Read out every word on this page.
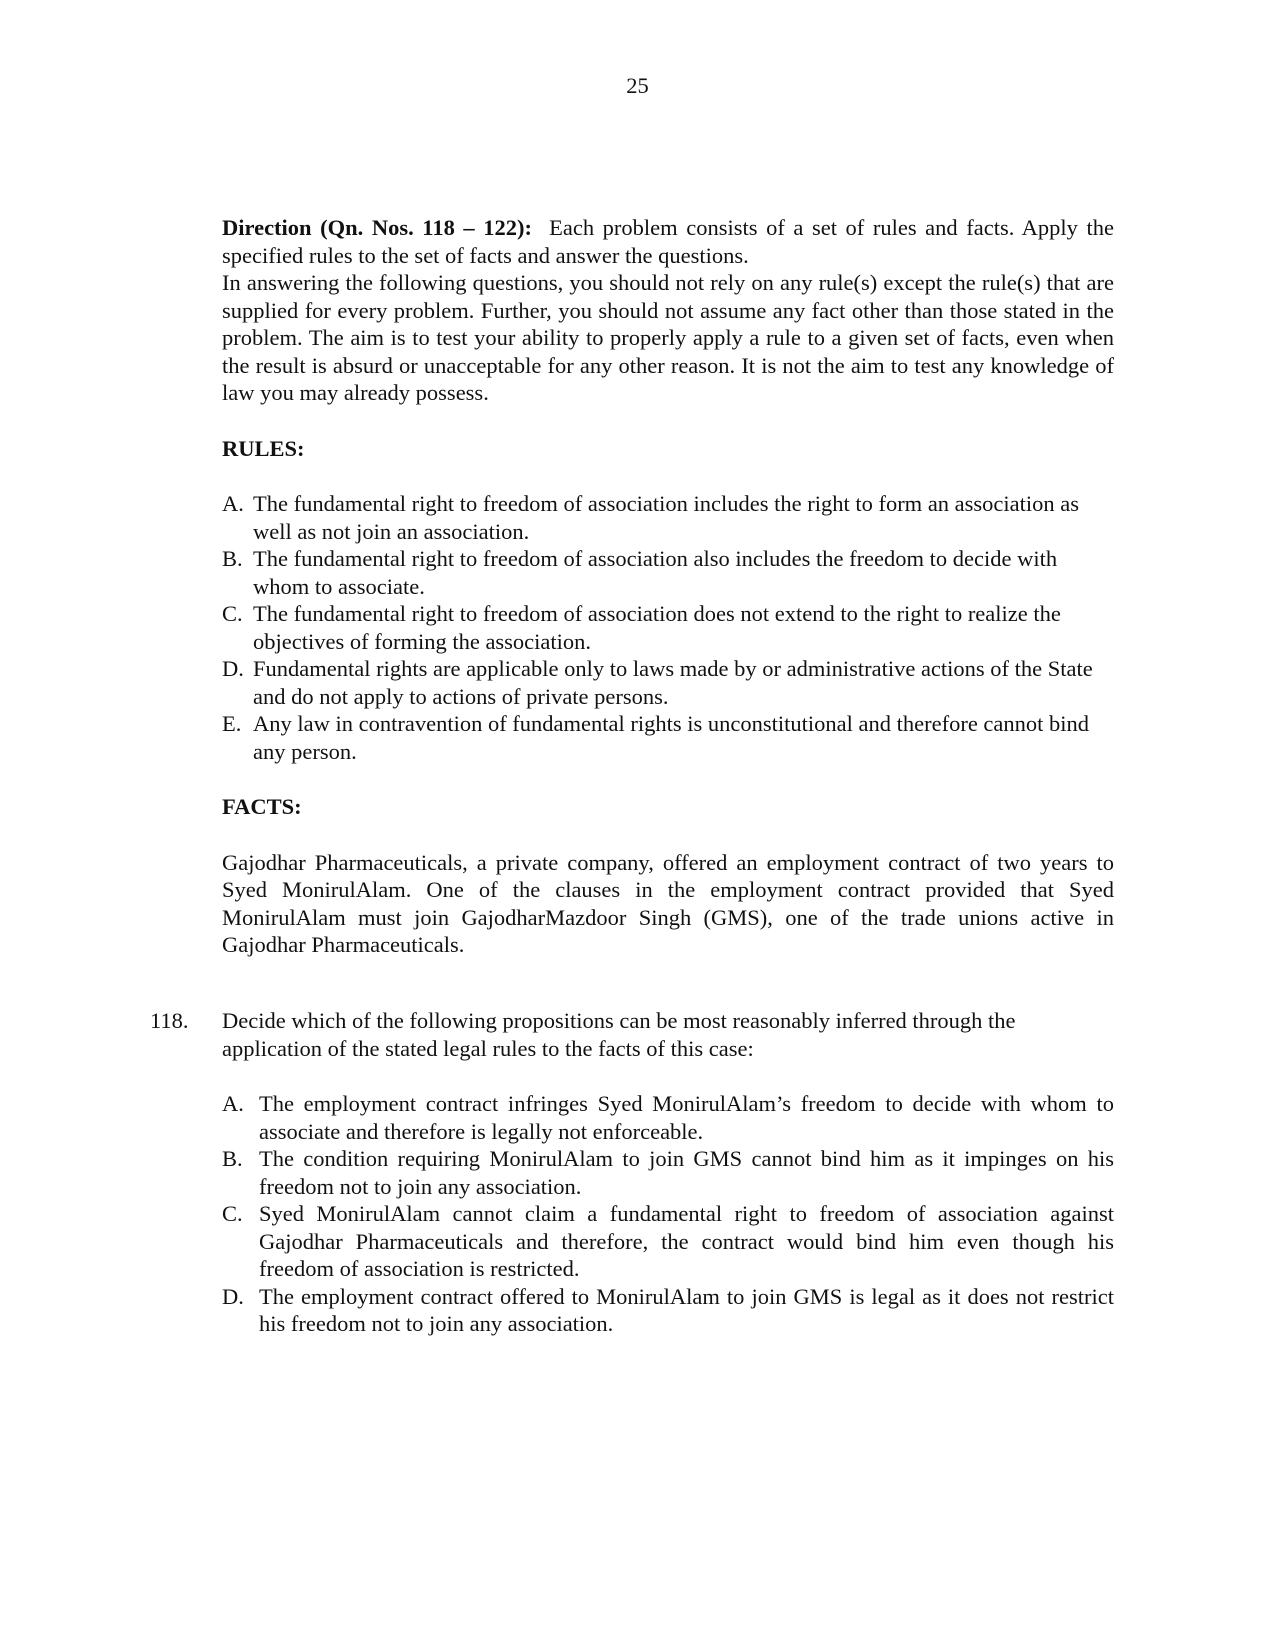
25

Direction (Qn. Nos. 118 – 122): Each problem consists of a set of rules and facts. Apply the specified rules to the set of facts and answer the questions.

In answering the following questions, you should not rely on any rule(s) except the rule(s) that are supplied for every problem. Further, you should not assume any fact other than those stated in the problem. The aim is to test your ability to properly apply a rule to a given set of facts, even when the result is absurd or unacceptable for any other reason. It is not the aim to test any knowledge of law you may already possess.

RULES:
A. The fundamental right to freedom of association includes the right to form an association as well as not join an association.
B. The fundamental right to freedom of association also includes the freedom to decide with whom to associate.
C. The fundamental right to freedom of association does not extend to the right to realize the objectives of forming the association.
D. Fundamental rights are applicable only to laws made by or administrative actions of the State and do not apply to actions of private persons.
E. Any law in contravention of fundamental rights is unconstitutional and therefore cannot bind any person.
FACTS:

Gajodhar Pharmaceuticals, a private company, offered an employment contract of two years to Syed MonirulAlam. One of the clauses in the employment contract provided that Syed MonirulAlam must join GajodharMazdoor Singh (GMS), one of the trade unions active in Gajodhar Pharmaceuticals.

118. Decide which of the following propositions can be most reasonably inferred through the application of the stated legal rules to the facts of this case:

A. The employment contract infringes Syed MonirulAlam’s freedom to decide with whom to associate and therefore is legally not enforceable.
B. The condition requiring MonirulAlam to join GMS cannot bind him as it impinges on his freedom not to join any association.
C. Syed MonirulAlam cannot claim a fundamental right to freedom of association against Gajodhar Pharmaceuticals and therefore, the contract would bind him even though his freedom of association is restricted.
D. The employment contract offered to MonirulAlam to join GMS is legal as it does not restrict his freedom not to join any association.
